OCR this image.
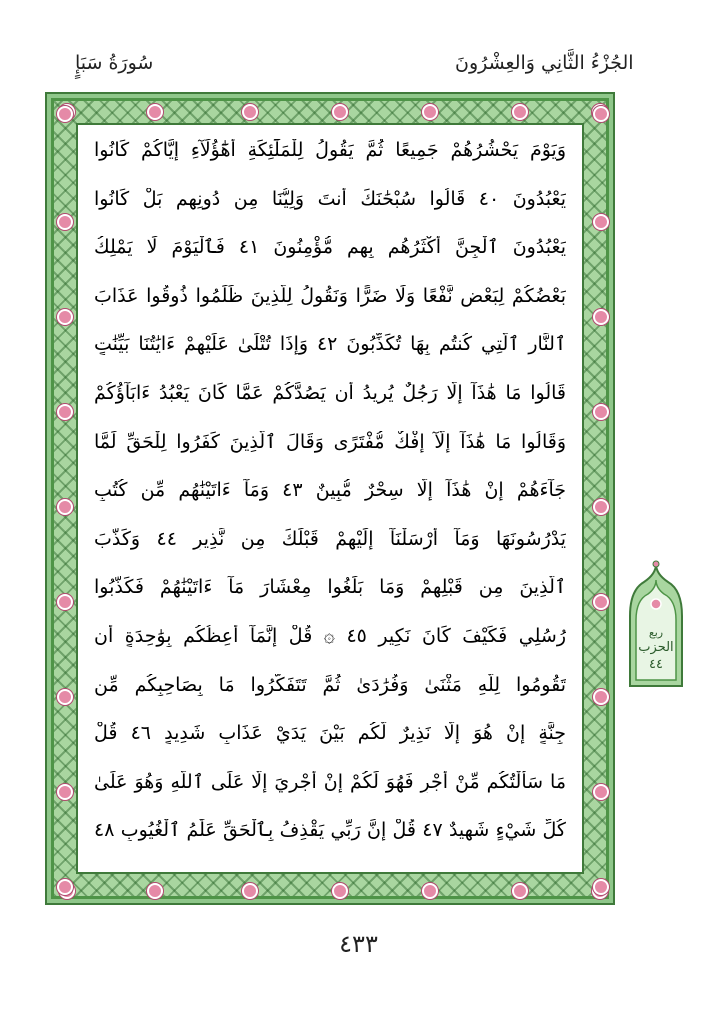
الجُزْءُ الثَّانِي وَالعِشْرُونَ
سُورَةُ سَبَإٍ
وَيَوْمَ يَحْشُرُهُمْ جَمِيعًا ثُمَّ يَقُولُ لِلْمَلَٰٓئِكَةِ أَهَٰٓؤُلَآءِ إِيَّاكُمْ كَانُوا
يَعْبُدُونَ ٤٠ قَالُوا سُبْحَٰنَكَ أَنتَ وَلِيُّنَا مِن دُونِهِم بَلْ كَانُوا
يَعْبُدُونَ ٱلْجِنَّ أَكْثَرُهُم بِهِم مُّؤْمِنُونَ ٤١ فَٱلْيَوْمَ لَا يَمْلِكُ
بَعْضُكُمْ لِبَعْضٍ نَّفْعًا وَلَا ضَرًّا وَنَقُولُ لِلَّذِينَ ظَلَمُوا ذُوقُوا عَذَابَ
ٱلنَّارِ ٱلَّتِي كُنتُم بِهَا تُكَذِّبُونَ ٤٢ وَإِذَا تُتْلَىٰ عَلَيْهِمْ ءَايَٰتُنَا بَيِّنَٰتٍ
قَالُوا مَا هَٰذَآ إِلَّا رَجُلٌ يُرِيدُ أَن يَصُدَّكُمْ عَمَّا كَانَ يَعْبُدُ ءَابَآؤُكُمْ
وَقَالُوا مَا هَٰذَآ إِلَّآ إِفْكٌ مُّفْتَرًى وَقَالَ ٱلَّذِينَ كَفَرُوا لِلْحَقِّ لَمَّا
جَآءَهُمْ إِنْ هَٰذَآ إِلَّا سِحْرٌ مُّبِينٌ ٤٣ وَمَآ ءَاتَيْنَٰهُم مِّن كُتُبٍ
يَدْرُسُونَهَا وَمَآ أَرْسَلْنَآ إِلَيْهِمْ قَبْلَكَ مِن نَّذِيرٍ ٤٤ وَكَذَّبَ
ٱلَّذِينَ مِن قَبْلِهِمْ وَمَا بَلَغُوا مِعْشَارَ مَآ ءَاتَيْنَٰهُمْ فَكَذَّبُوا
رُسُلِي فَكَيْفَ كَانَ نَكِيرِ ٤٥ ۞ قُلْ إِنَّمَآ أَعِظُكُم بِوَٰحِدَةٍ أَن
تَقُومُوا لِلَّهِ مَثْنَىٰ وَفُرَٰدَىٰ ثُمَّ تَتَفَكَّرُوا مَا بِصَاحِبِكُم مِّن
جِنَّةٍ إِنْ هُوَ إِلَّا نَذِيرٌ لَّكُم بَيْنَ يَدَيْ عَذَابٍ شَدِيدٍ ٤٦ قُلْ
مَا سَأَلْتُكُم مِّنْ أَجْرٍ فَهُوَ لَكُمْ إِنْ أَجْرِيَ إِلَّا عَلَى ٱللَّهِ وَهُوَ عَلَىٰ
كُلِّ شَيْءٍ شَهِيدٌ ٤٧ قُلْ إِنَّ رَبِّي يَقْذِفُ بِٱلْحَقِّ عَلَّٰمُ ٱلْغُيُوبِ ٤٨
ربع
الحزب
٤٤
٤٣٣
